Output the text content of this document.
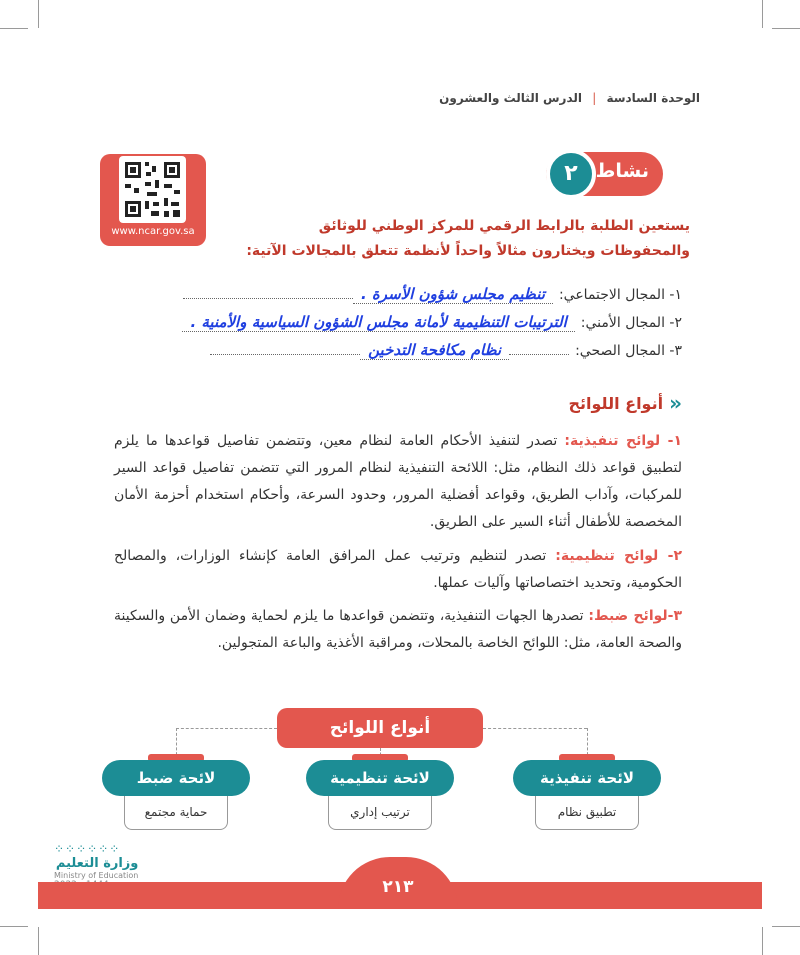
الوحدة السادسة | الدرس الثالث والعشرون
نشاط
٢
www.ncar.gov.sa	يستعين الطلبة بالرابط الرقمي للمركز الوطني للوثائق والمحفوظات ويختارون مثالاً واحداً لأنظمة تتعلق بالمجالات الآتية:
١- المجال الاجتماعي:
تنظيم مجلس شؤون الأسرة .
٢- المجال الأمني:
الترتيبات التنظيمية لأمانة مجلس الشؤون السياسية والأمنية .
٣- المجال الصحي:
نظام مكافحة التدخين
«
أنواع اللوائح
١- لوائح تنفيذية: تصدر لتنفيذ الأحكام العامة لنظام معين، وتتضمن تفاصيل قواعدها ما يلزم لتطبيق قواعد ذلك النظام، مثل: اللائحة التنفيذية لنظام المرور التي تتضمن تفاصيل قواعد السير للمركبات، وآداب الطريق، وقواعد أفضلية المرور، وحدود السرعة، وأحكام استخدام أحزمة الأمان المخصصة للأطفال أثناء السير على الطريق.
٢- لوائح تنظيمية: تصدر لتنظيم وترتيب عمل المرافق العامة كإنشاء الوزارات، والمصالح الحكومية، وتحديد اختصاصاتها وآليات عملها.
٣-لوائح ضبط: تصدرها الجهات التنفيذية، وتتضمن قواعدها ما يلزم لحماية وضمان الأمن والسكينة والصحة العامة، مثل: اللوائح الخاصة بالمحلات، ومراقبة الأغذية والباعة المتجولين.
أنواع اللوائح
لائحة تنفيذية
تطبيق نظام
لائحة تنظيمية
ترتيب إداري
لائحة ضبط
حماية مجتمع
⁘⁘⁘⁘⁘⁘
وزارة التعليم
Ministry of Education
٢١٣
